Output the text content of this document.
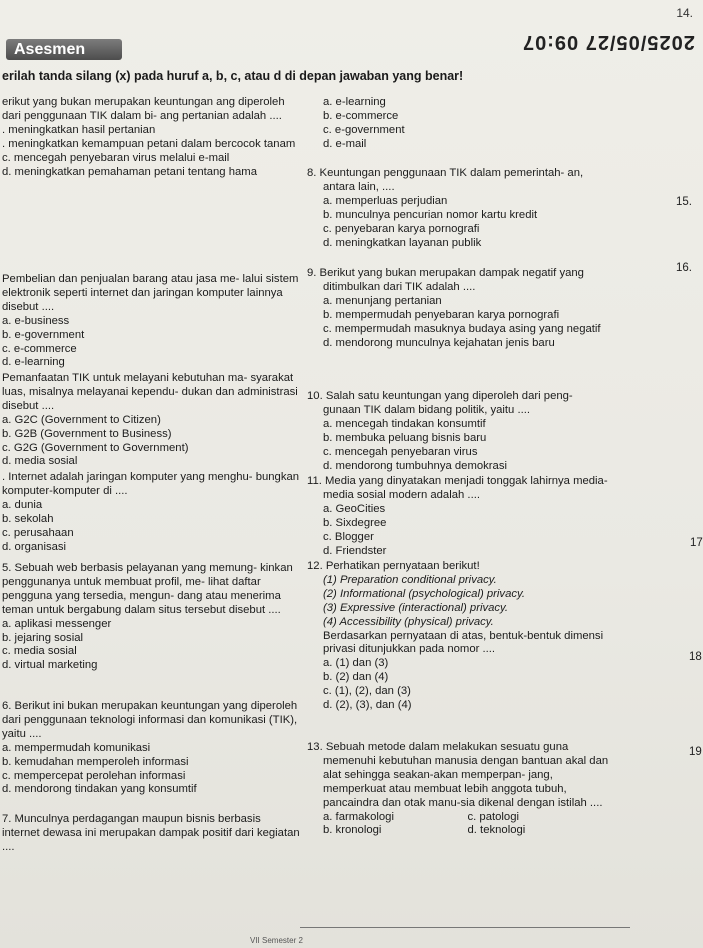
14.
Asesmen	2025/05/27 09:07
erilah tanda silang (x) pada huruf a, b, c, atau d di depan jawaban yang benar!
erikut yang bukan merupakan keuntungan ang diperoleh dari penggunaan TIK dalam bi- ang pertanian adalah ....
. meningkatkan hasil pertanian
. meningkatkan kemampuan petani dalam bercocok tanam
c. mencegah penyebaran virus melalui e-mail
d. meningkatkan pemahaman petani tentang hama
Pembelian dan penjualan barang atau jasa me- lalui sistem elektronik seperti internet dan jaringan komputer lainnya disebut ....
a. e-business
b. e-government
c. e-commerce
d. e-learning
Pemanfaatan TIK untuk melayani kebutuhan ma- syarakat luas, misalnya melayanai kependu- dukan dan administrasi disebut ....
a. G2C (Government to Citizen)
b. G2B (Government to Business)
c. G2G (Government to Government)
d. media sosial
. Internet adalah jaringan komputer yang menghu- bungkan komputer-komputer di ....
a. dunia
b. sekolah
c. perusahaan
d. organisasi
5. Sebuah web berbasis pelayanan yang memung- kinkan penggunanya untuk membuat profil, me- lihat daftar pengguna yang tersedia, mengun- dang atau menerima teman untuk bergabung dalam situs tersebut disebut ....
a. aplikasi messenger
b. jejaring sosial
c. media sosial
d. virtual marketing
6. Berikut ini bukan merupakan keuntungan yang diperoleh dari penggunaan teknologi informasi dan komunikasi (TIK), yaitu ....
a. mempermudah komunikasi
b. kemudahan memperoleh informasi
c. mempercepat perolehan informasi
d. mendorong tindakan yang konsumtif
7. Munculnya perdagangan maupun bisnis berbasis internet dewasa ini merupakan dampak positif dari kegiatan ....
a. e-learning
b. e-commerce
c. e-government
d. e-mail
8. Keuntungan penggunaan TIK dalam pemerintah- an, antara lain, ....
a. memperluas perjudian
b. munculnya pencurian nomor kartu kredit
c. penyebaran karya pornografi
d. meningkatkan layanan publik
9. Berikut yang bukan merupakan dampak negatif yang ditimbulkan dari TIK adalah ....
a. menunjang pertanian
b. mempermudah penyebaran karya pornografi
c. mempermudah masuknya budaya asing yang negatif
d. mendorong munculnya kejahatan jenis baru
10. Salah satu keuntungan yang diperoleh dari peng- gunaan TIK dalam bidang politik, yaitu ....
a. mencegah tindakan konsumtif
b. membuka peluang bisnis baru
c. mencegah penyebaran virus
d. mendorong tumbuhnya demokrasi
11. Media yang dinyatakan menjadi tonggak lahirnya media-media sosial modern adalah ....
a. GeoCities
b. Sixdegree
c. Blogger
d. Friendster
12. Perhatikan pernyataan berikut!
(1) Preparation conditional privacy.
(2) Informational (psychological) privacy.
(3) Expressive (interactional) privacy.
(4) Accessibility (physical) privacy.
Berdasarkan pernyataan di atas, bentuk-bentuk dimensi privasi ditunjukkan pada nomor ....
a. (1) dan (3)
b. (2) dan (4)
c. (1), (2), dan (3)
d. (2), (3), dan (4)
13. Sebuah metode dalam melakukan sesuatu guna memenuhi kebutuhan manusia dengan bantuan akal dan alat sehingga seakan-akan memperpan- jang, memperkuat atau membuat lebih anggota tubuh, pancaindra dan otak manu-sia dikenal dengan istilah ....
a. farmakologi	c. patologi
b. kronologi	d. teknologi
15.
16.
17
18
19
VII Semester 2
